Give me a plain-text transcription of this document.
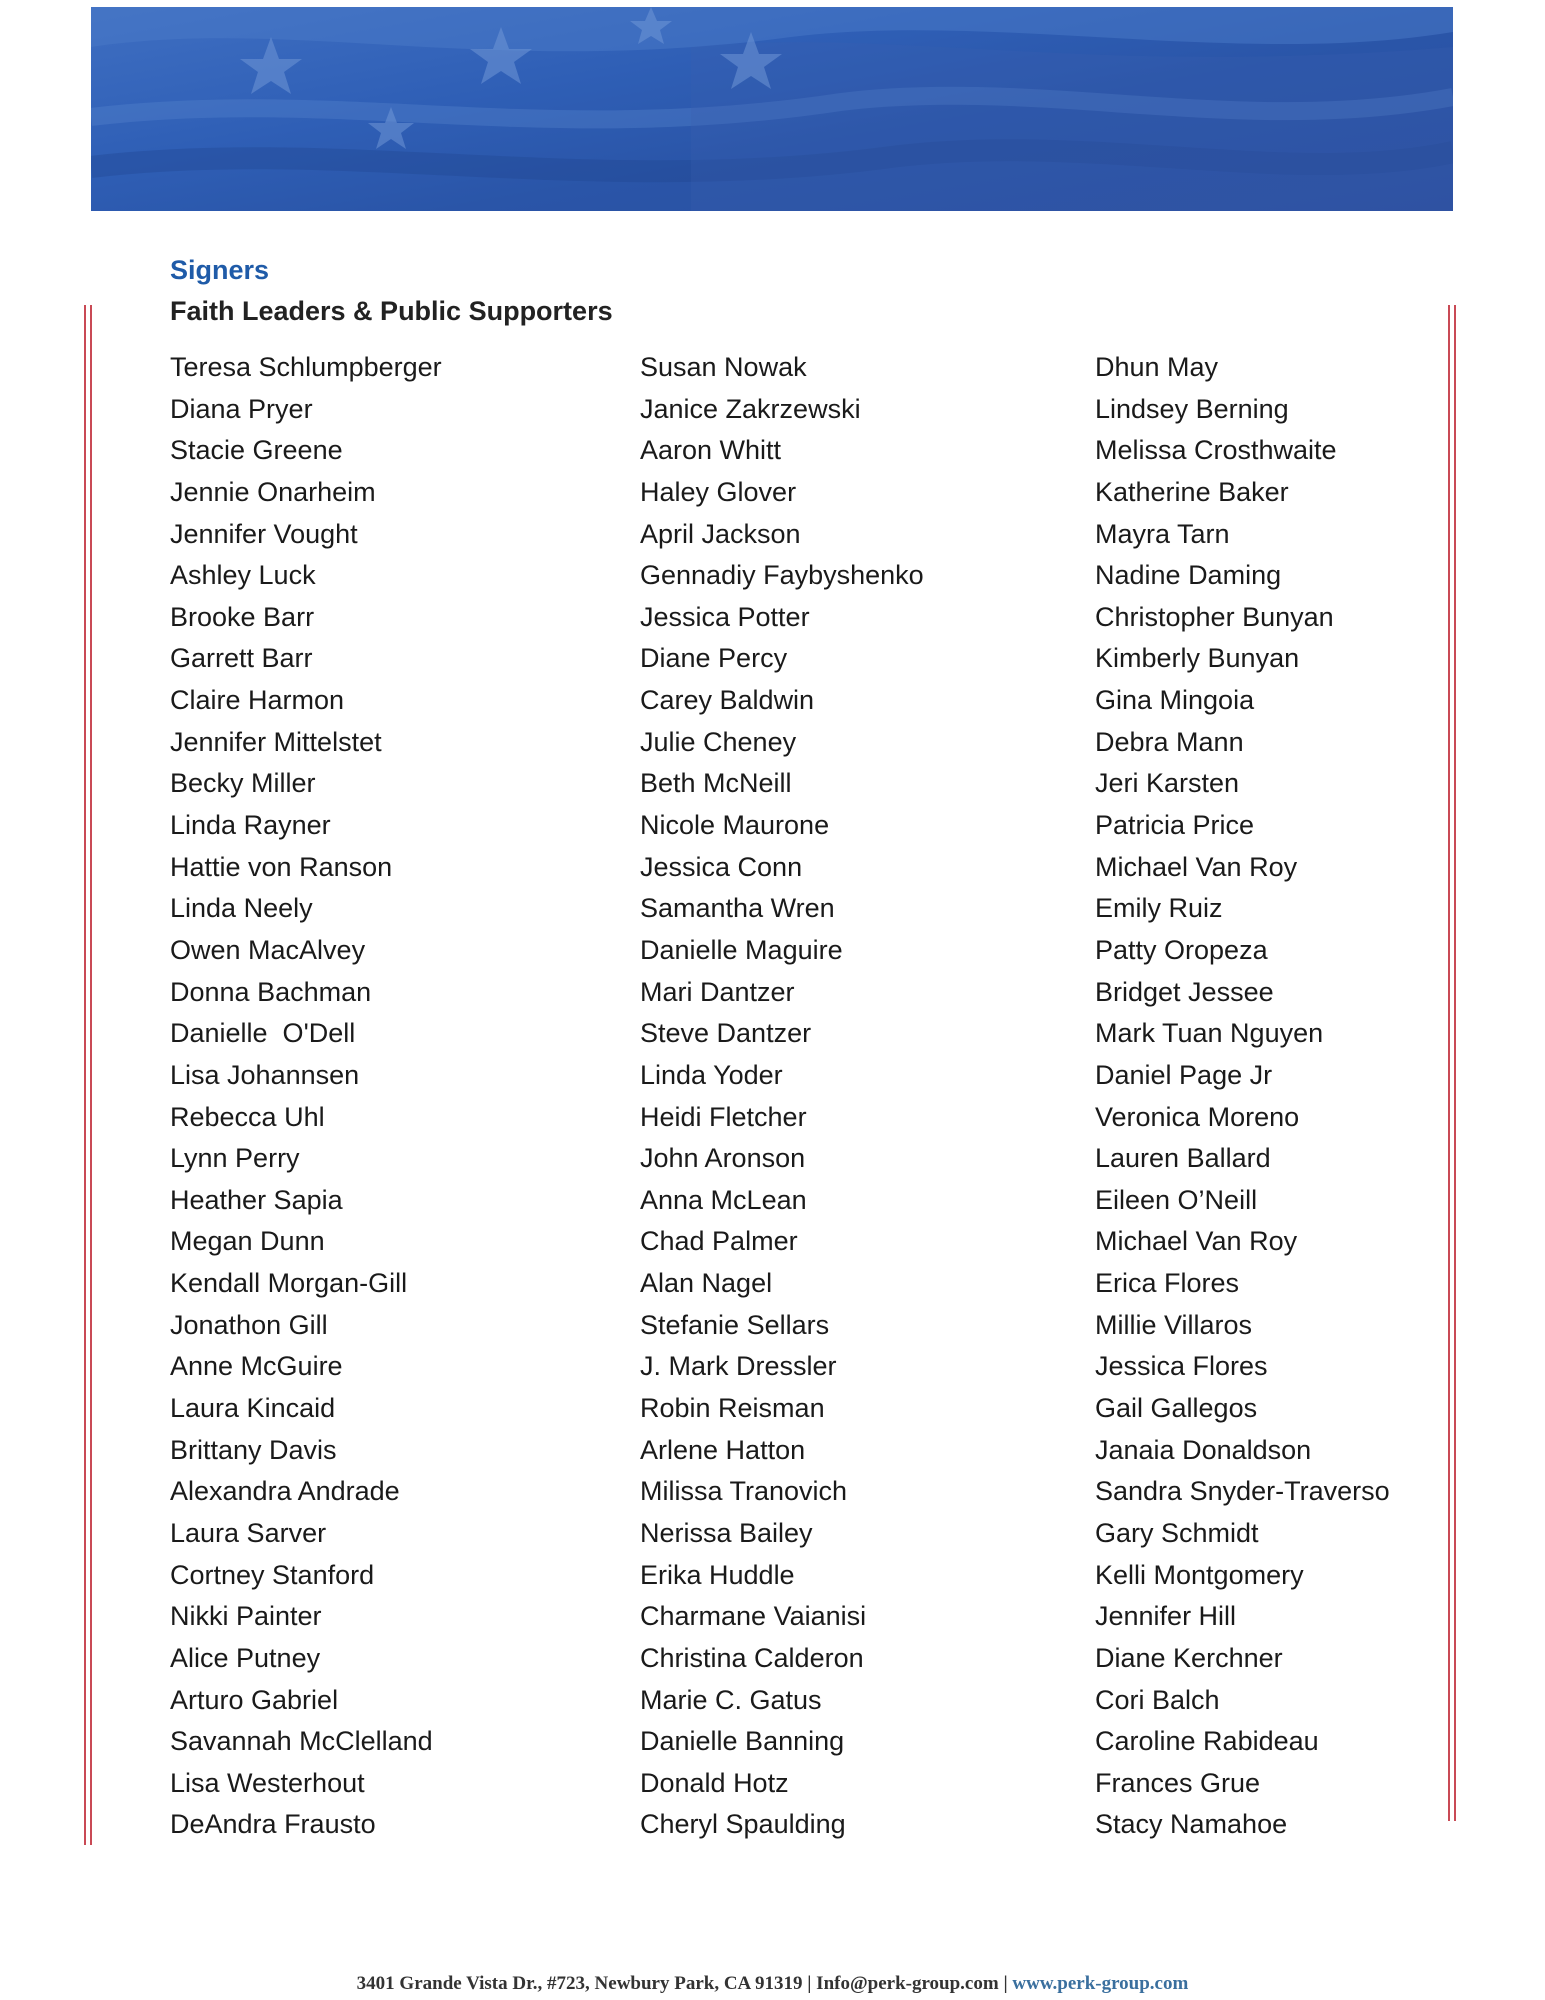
Signers
Faith Leaders & Public Supporters
Teresa Schlumpberger
Diana Pryer
Stacie Greene
Jennie Onarheim
Jennifer Vought
Ashley Luck
Brooke Barr
Garrett Barr
Claire Harmon
Jennifer Mittelstet
Becky Miller
Linda Rayner
Hattie von Ranson
Linda Neely
Owen MacAlvey
Donna Bachman
Danielle  O'Dell
Lisa Johannsen
Rebecca Uhl
Lynn Perry
Heather Sapia
Megan Dunn
Kendall Morgan-Gill
Jonathon Gill
Anne McGuire
Laura Kincaid
Brittany Davis
Alexandra Andrade
Laura Sarver
Cortney Stanford
Nikki Painter
Alice Putney
Arturo Gabriel
Savannah McClelland
Lisa Westerhout
DeAndra Frausto
Susan Nowak
Janice Zakrzewski
Aaron Whitt
Haley Glover
April Jackson
Gennadiy Faybyshenko
Jessica Potter
Diane Percy
Carey Baldwin
Julie Cheney
Beth McNeill
Nicole Maurone
Jessica Conn
Samantha Wren
Danielle Maguire
Mari Dantzer
Steve Dantzer
Linda Yoder
Heidi Fletcher
John Aronson
Anna McLean
Chad Palmer
Alan Nagel
Stefanie Sellars
J. Mark Dressler
Robin Reisman
Arlene Hatton
Milissa Tranovich
Nerissa Bailey
Erika Huddle
Charmane Vaianisi
Christina Calderon
Marie C. Gatus
Danielle Banning
Donald Hotz
Cheryl Spaulding
Dhun May
Lindsey Berning
Melissa Crosthwaite
Katherine Baker
Mayra Tarn
Nadine Daming
Christopher Bunyan
Kimberly Bunyan
Gina Mingoia
Debra Mann
Jeri Karsten
Patricia Price
Michael Van Roy
Emily Ruiz
Patty Oropeza
Bridget Jessee
Mark Tuan Nguyen
Daniel Page Jr
Veronica Moreno
Lauren Ballard
Eileen O’Neill
Michael Van Roy
Erica Flores
Millie Villaros
Jessica Flores
Gail Gallegos
Janaia Donaldson
Sandra Snyder-Traverso
Gary Schmidt
Kelli Montgomery
Jennifer Hill
Diane Kerchner
Cori Balch
Caroline Rabideau
Frances Grue
Stacy Namahoe
3401 Grande Vista Dr., #723, Newbury Park, CA 91319 | Info@perk-group.com | www.perk-group.com
